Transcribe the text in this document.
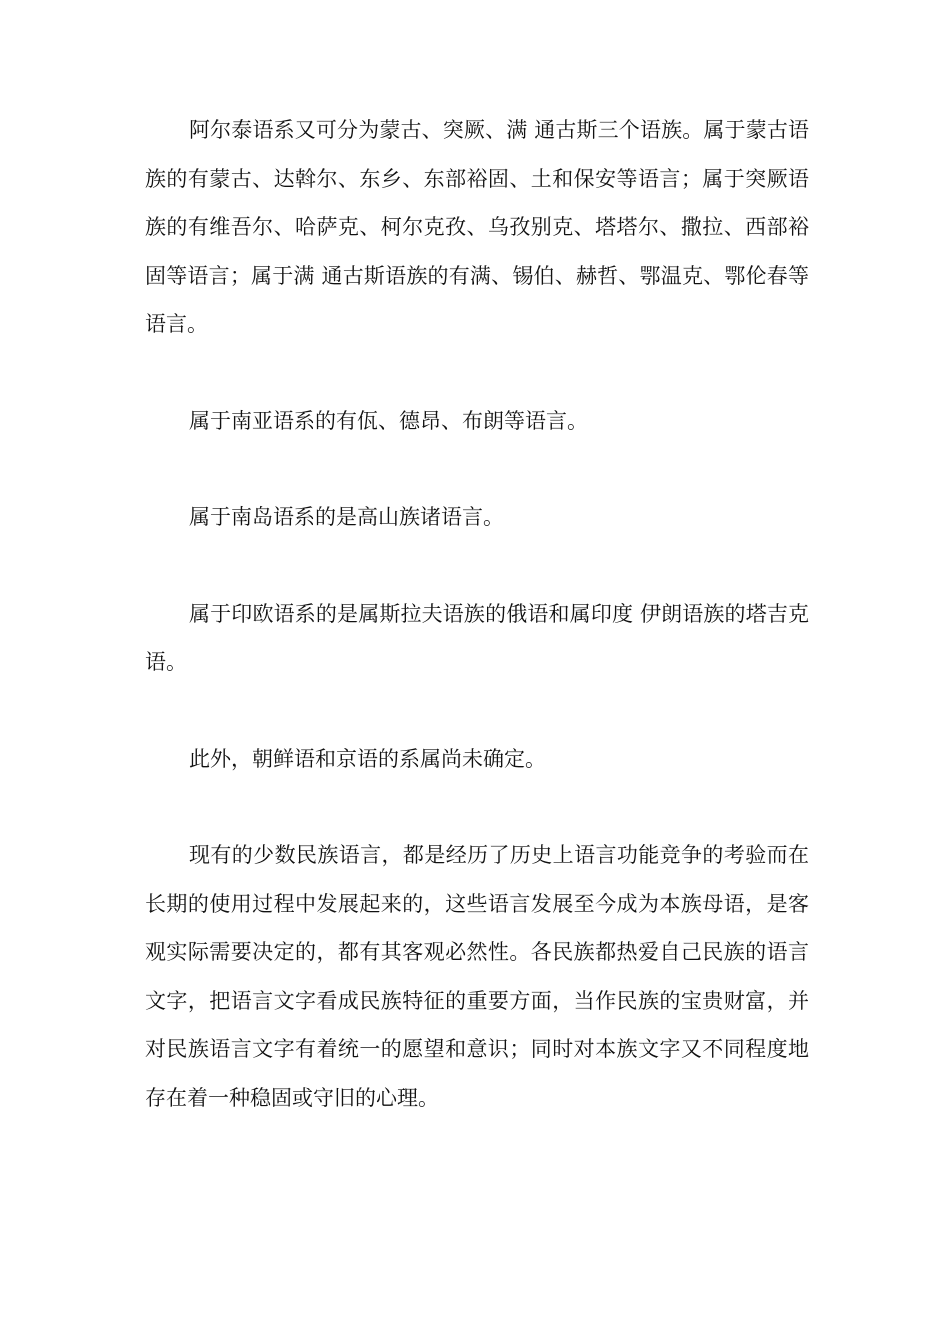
阿尔泰语系又可分为蒙古、突厥、满 通古斯三个语族。属于蒙古语族的有蒙古、达斡尔、东乡、东部裕固、土和保安等语言；属于突厥语族的有维吾尔、哈萨克、柯尔克孜、乌孜别克、塔塔尔、撒拉、西部裕固等语言；属于满 通古斯语族的有满、锡伯、赫哲、鄂温克、鄂伦春等语言。

属于南亚语系的有佤、德昂、布朗等语言。

属于南岛语系的是高山族诸语言。

属于印欧语系的是属斯拉夫语族的俄语和属印度 伊朗语族的塔吉克语。

此外，朝鲜语和京语的系属尚未确定。

现有的少数民族语言，都是经历了历史上语言功能竞争的考验而在长期的使用过程中发展起来的，这些语言发展至今成为本族母语，是客观实际需要决定的，都有其客观必然性。各民族都热爱自己民族的语言文字，把语言文字看成民族特征的重要方面，当作民族的宝贵财富，并对民族语言文字有着统一的愿望和意识；同时对本族文字又不同程度地存在着一种稳固或守旧的心理。
